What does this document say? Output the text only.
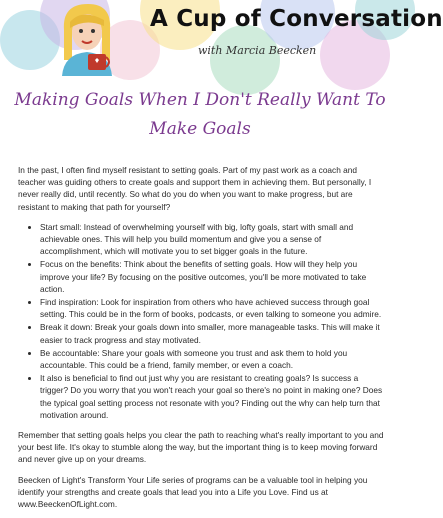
A Cup of Conversation
with Marcia Beecken
Making Goals When I Don't Really Want To Make Goals

In the past, I often find myself resistant to setting goals. Part of my past work as a coach and teacher was guiding others to create goals and support them in achieving them. But personally, I never really did, until recently. So what do you do when you want to make progress, but are resistant to making that path for yourself?

• Start small: Instead of overwhelming yourself with big, lofty goals, start with small and achievable ones. This will help you build momentum and give you a sense of accomplishment, which will motivate you to set bigger goals in the future.
• Focus on the benefits: Think about the benefits of setting goals. How will they help you improve your life? By focusing on the positive outcomes, you'll be more motivated to take action.
• Find inspiration: Look for inspiration from others who have achieved success through goal setting. This could be in the form of books, podcasts, or even talking to someone you admire.
• Break it down: Break your goals down into smaller, more manageable tasks. This will make it easier to track progress and stay motivated.
• Be accountable: Share your goals with someone you trust and ask them to hold you accountable. This could be a friend, family member, or even a coach.
• It also is beneficial to find out just why you are resistant to creating goals? Is success a trigger? Do you worry that you won't reach your goal so there's no point in making one? Does the typical goal setting process not resonate with you? Finding out the why can help turn that motivation around.

Remember that setting goals helps you clear the path to reaching what's really important to you and your best life. It's okay to stumble along the way, but the important thing is to keep moving forward and never give up on your dreams.

Beecken of Light's Transform Your Life series of programs can be a valuable tool in helping you identify your strengths and create goals that lead you into a Life you Love. Find us at www.BeeckenOfLight.com.
